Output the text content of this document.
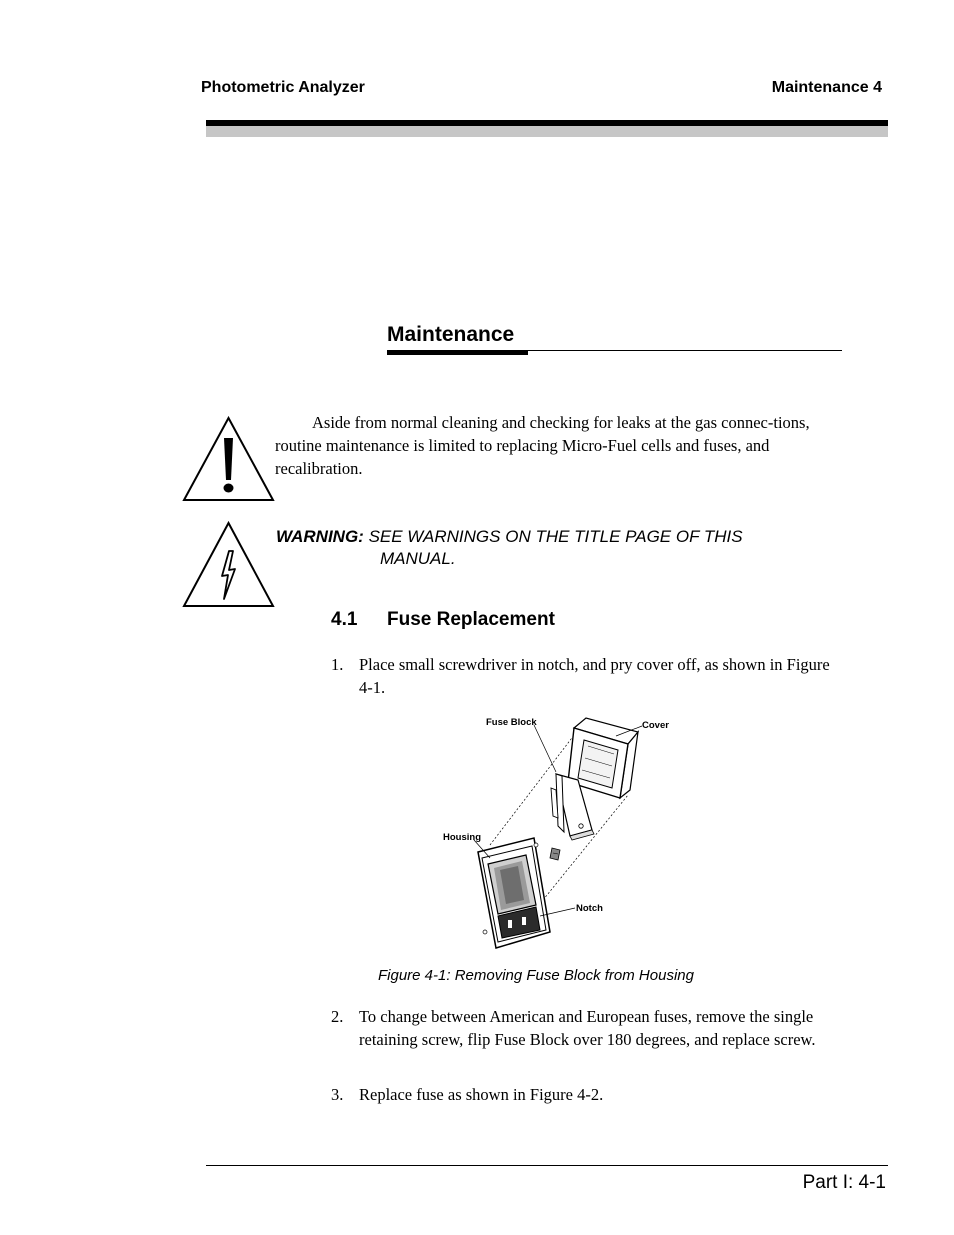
Photometric Analyzer	Maintenance 4
Maintenance
Aside from normal cleaning and checking for leaks at the gas connec-tions, routine maintenance is limited to replacing Micro-Fuel cells and fuses, and recalibration.
WARNING: SEE WARNINGS ON THE TITLE PAGE OF THIS
MANUAL.
4.1 Fuse Replacement
1. Place small screwdriver in notch, and pry cover off, as shown in Figure 4-1.
Fuse Block	Cover
Housing
Notch
Figure 4-1: Removing Fuse Block from Housing
2. To change between American and European fuses, remove the single retaining screw, flip Fuse Block over 180 degrees, and replace screw.
3. Replace fuse as shown in Figure 4-2.
Part I: 4-1
